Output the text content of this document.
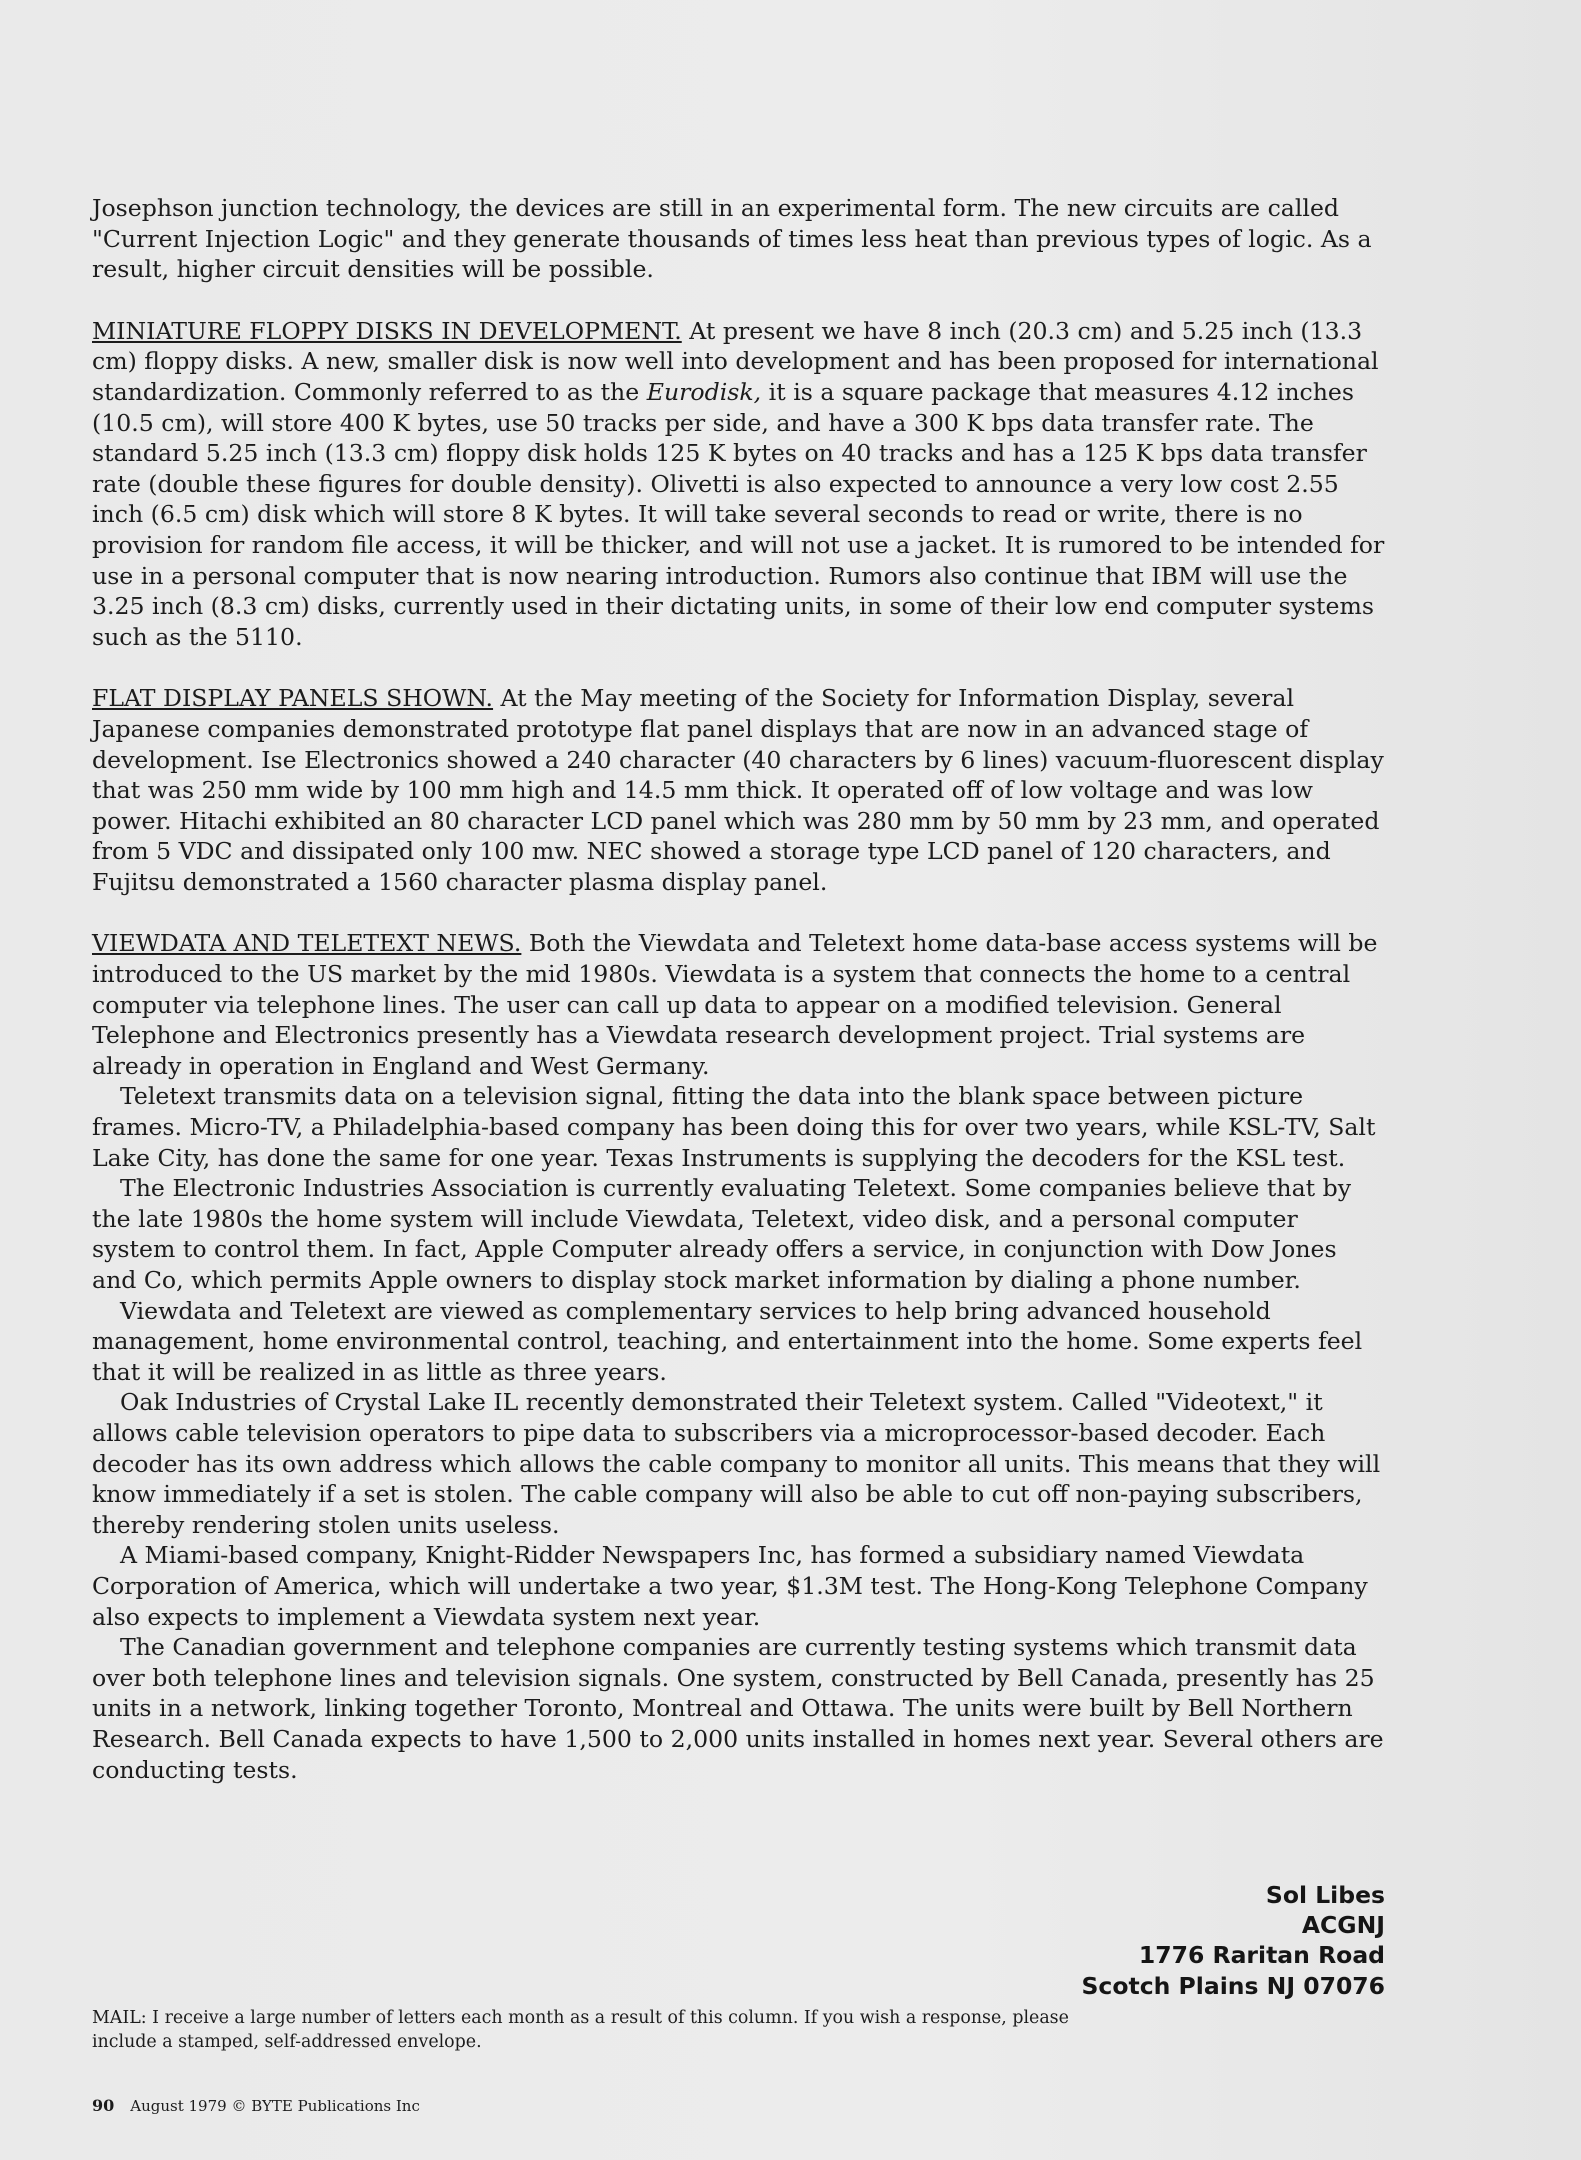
Josephson junction technology, the devices are still in an experimental form. The new circuits are called "Current Injection Logic" and they generate thousands of times less heat than previous types of logic. As a result, higher circuit densities will be possible.

MINIATURE FLOPPY DISKS IN DEVELOPMENT. At present we have 8 inch (20.3 cm) and 5.25 inch (13.3 cm) floppy disks. A new, smaller disk is now well into development and has been proposed for international standardization. Commonly referred to as the Eurodisk, it is a square package that measures 4.12 inches (10.5 cm), will store 400 K bytes, use 50 tracks per side, and have a 300 K bps data transfer rate. The standard 5.25 inch (13.3 cm) floppy disk holds 125 K bytes on 40 tracks and has a 125 K bps data transfer rate (double these figures for double density). Olivetti is also expected to announce a very low cost 2.55 inch (6.5 cm) disk which will store 8 K bytes. It will take several seconds to read or write, there is no provision for random file access, it will be thicker, and will not use a jacket. It is rumored to be intended for use in a personal computer that is now nearing introduction. Rumors also continue that IBM will use the 3.25 inch (8.3 cm) disks, currently used in their dictating units, in some of their low end computer systems such as the 5110.

FLAT DISPLAY PANELS SHOWN. At the May meeting of the Society for Information Display, several Japanese companies demonstrated prototype flat panel displays that are now in an advanced stage of development. Ise Electronics showed a 240 character (40 characters by 6 lines) vacuum-fluorescent display that was 250 mm wide by 100 mm high and 14.5 mm thick. It operated off of low voltage and was low power. Hitachi exhibited an 80 character LCD panel which was 280 mm by 50 mm by 23 mm, and operated from 5 VDC and dissipated only 100 mw. NEC showed a storage type LCD panel of 120 characters, and Fujitsu demonstrated a 1560 character plasma display panel.

VIEWDATA AND TELETEXT NEWS. Both the Viewdata and Teletext home data-base access systems will be introduced to the US market by the mid 1980s. Viewdata is a system that connects the home to a central computer via telephone lines. The user can call up data to appear on a modified television. General Telephone and Electronics presently has a Viewdata research development project. Trial systems are already in operation in England and West Germany.

Teletext transmits data on a television signal, fitting the data into the blank space between picture frames. Micro-TV, a Philadelphia-based company has been doing this for over two years, while KSL-TV, Salt Lake City, has done the same for one year. Texas Instruments is supplying the decoders for the KSL test.

The Electronic Industries Association is currently evaluating Teletext. Some companies believe that by the late 1980s the home system will include Viewdata, Teletext, video disk, and a personal computer system to control them. In fact, Apple Computer already offers a service, in conjunction with Dow Jones and Co, which permits Apple owners to display stock market information by dialing a phone number.

Viewdata and Teletext are viewed as complementary services to help bring advanced household management, home environmental control, teaching, and entertainment into the home. Some experts feel that it will be realized in as little as three years.

Oak Industries of Crystal Lake IL recently demonstrated their Teletext system. Called "Videotext," it allows cable television operators to pipe data to subscribers via a microprocessor-based decoder. Each decoder has its own address which allows the cable company to monitor all units. This means that they will know immediately if a set is stolen. The cable company will also be able to cut off non-paying subscribers, thereby rendering stolen units useless.

A Miami-based company, Knight-Ridder Newspapers Inc, has formed a subsidiary named Viewdata Corporation of America, which will undertake a two year, $1.3M test. The Hong-Kong Telephone Company also expects to implement a Viewdata system next year.

The Canadian government and telephone companies are currently testing systems which transmit data over both telephone lines and television signals. One system, constructed by Bell Canada, presently has 25 units in a network, linking together Toronto, Montreal and Ottawa. The units were built by Bell Northern Research. Bell Canada expects to have 1,500 to 2,000 units installed in homes next year. Several others are conducting tests.

Sol Libes
ACGNJ
1776 Raritan Road
Scotch Plains NJ 07076
MAIL: I receive a large number of letters each month as a result of this column. If you wish a response, please include a stamped, self-addressed envelope.
90 August 1979 © BYTE Publications Inc
